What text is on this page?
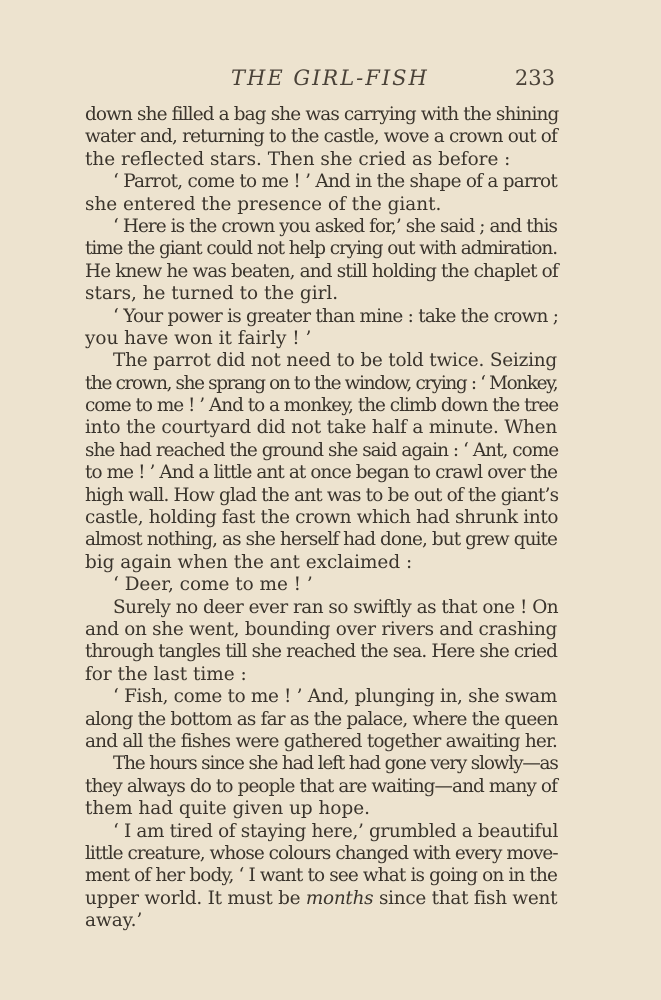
THE GIRL-FISH	233
down she filled a bag she was carrying with the shining
water and, returning to the castle, wove a crown out of
the reflected stars. Then she cried as before :
‘ Parrot, come to me ! ’ And in the shape of a parrot
she entered the presence of the giant.
‘ Here is the crown you asked for,’ she said ; and this
time the giant could not help crying out with admiration.
He knew he was beaten, and still holding the chaplet of
stars, he turned to the girl.
‘ Your power is greater than mine : take the crown ;
you have won it fairly ! ’
The parrot did not need to be told twice. Seizing
the crown, she sprang on to the window, crying : ‘ Monkey,
come to me ! ’ And to a monkey, the climb down the tree
into the courtyard did not take half a minute. When
she had reached the ground she said again : ‘ Ant, come
to me ! ’ And a little ant at once began to crawl over the
high wall. How glad the ant was to be out of the giant’s
castle, holding fast the crown which had shrunk into
almost nothing, as she herself had done, but grew quite
big again when the ant exclaimed :
‘ Deer, come to me ! ’
Surely no deer ever ran so swiftly as that one ! On
and on she went, bounding over rivers and crashing
through tangles till she reached the sea. Here she cried
for the last time :
‘ Fish, come to me ! ’ And, plunging in, she swam
along the bottom as far as the palace, where the queen
and all the fishes were gathered together awaiting her.
The hours since she had left had gone very slowly—as
they always do to people that are waiting—and many of
them had quite given up hope.
‘ I am tired of staying here,’ grumbled a beautiful
little creature, whose colours changed with every move-
ment of her body, ‘ I want to see what is going on in the
upper world. It must be months since that fish went
away.’
